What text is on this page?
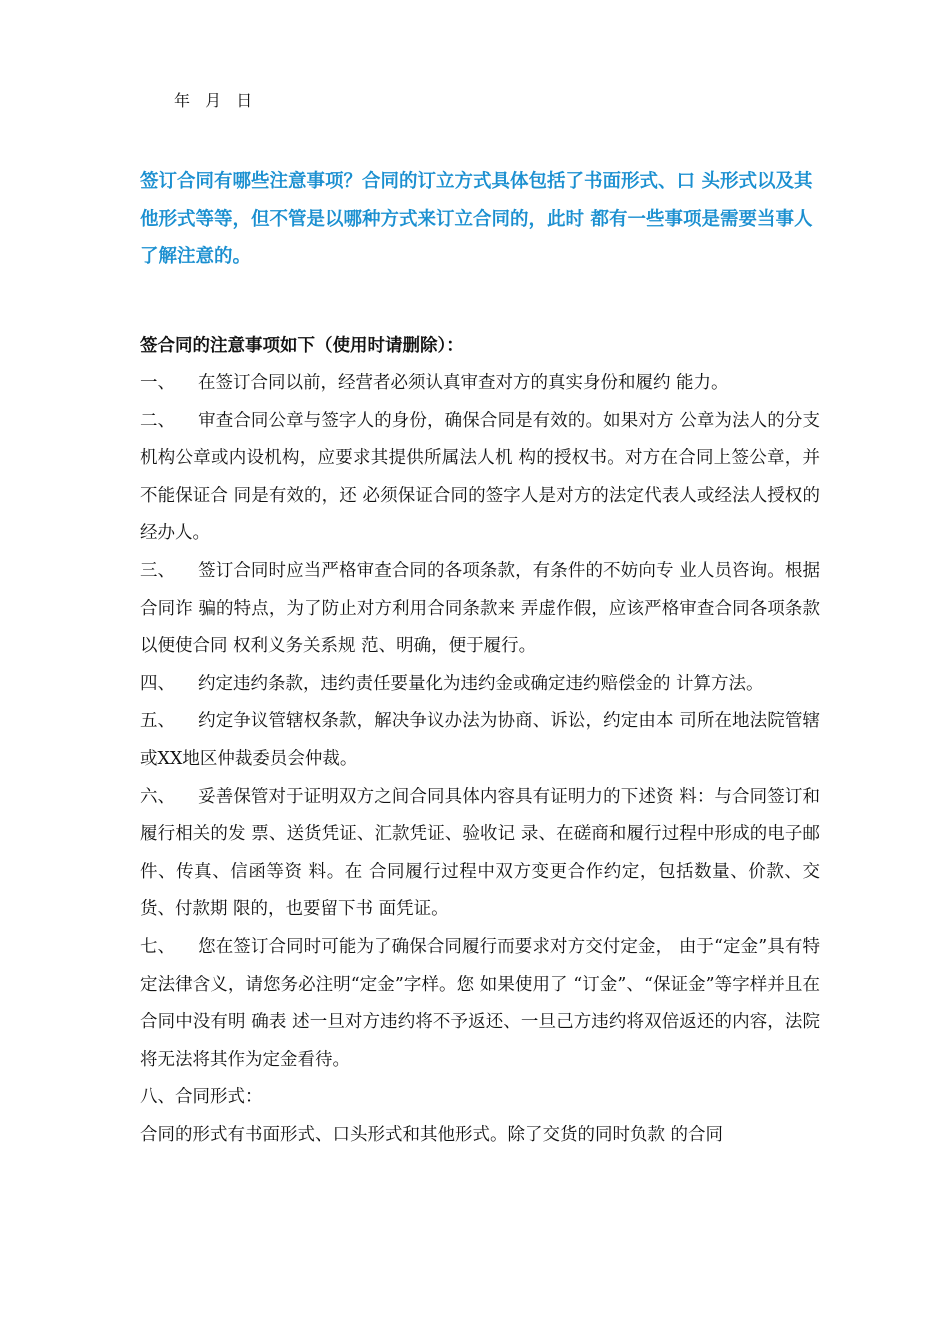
年 月 日
签订合同有哪些注意事项？合同的订立方式具体包括了书面形式、口 头形式以及其他形式等等，但不管是以哪种方式来订立合同的，此时 都有一些事项是需要当事人了解注意的。
签合同的注意事项如下（使用时请删除）：

一、 在签订合同以前，经营者必须认真审查对方的真实身份和履约 能力。

二、 审查合同公章与签字人的身份，确保合同是有效的。如果对方 公章为法人的分支机构公章或内设机构，应要求其提供所属法人机 构的授权书。对方在合同上签公章，并不能保证合 同是有效的，还 必须保证合同的签字人是对方的法定代表人或经法人授权的经办人。

三、 签订合同时应当严格审查合同的各项条款，有条件的不妨向专 业人员咨询。根据合同诈 骗的特点，为了防止对方利用合同条款来 弄虚作假，应该严格审查合同各项条款以便使合同 权利义务关系规 范、明确，便于履行。

四、 约定违约条款，违约责任要量化为违约金或确定违约赔偿金的 计算方法。

五、 约定争议管辖权条款，解决争议办法为协商、诉讼，约定由本 司所在地法院管辖或XX地区仲裁委员会仲裁。

六、 妥善保管对于证明双方之间合同具体内容具有证明力的下述资 料：与合同签订和履行相关的发 票、送货凭证、汇款凭证、验收记 录、在磋商和履行过程中形成的电子邮件、传真、信函等资 料。在 合同履行过程中双方变更合作约定，包括数量、价款、交货、付款期 限的，也要留下书 面凭证。

七、 您在签订合同时可能为了确保合同履行而要求对方交付定金， 由于“定金”具有特定法律含义，请您务必注明“定金”字样。您 如果使用了 “订金”、“保证金”等字样并且在合同中没有明 确表 述一旦对方违约将不予返还、一旦己方违约将双倍返还的内容，法院 将无法将其作为定金看待。

八、合同形式：

合同的形式有书面形式、口头形式和其他形式。除了交货的同时负款 的合同
